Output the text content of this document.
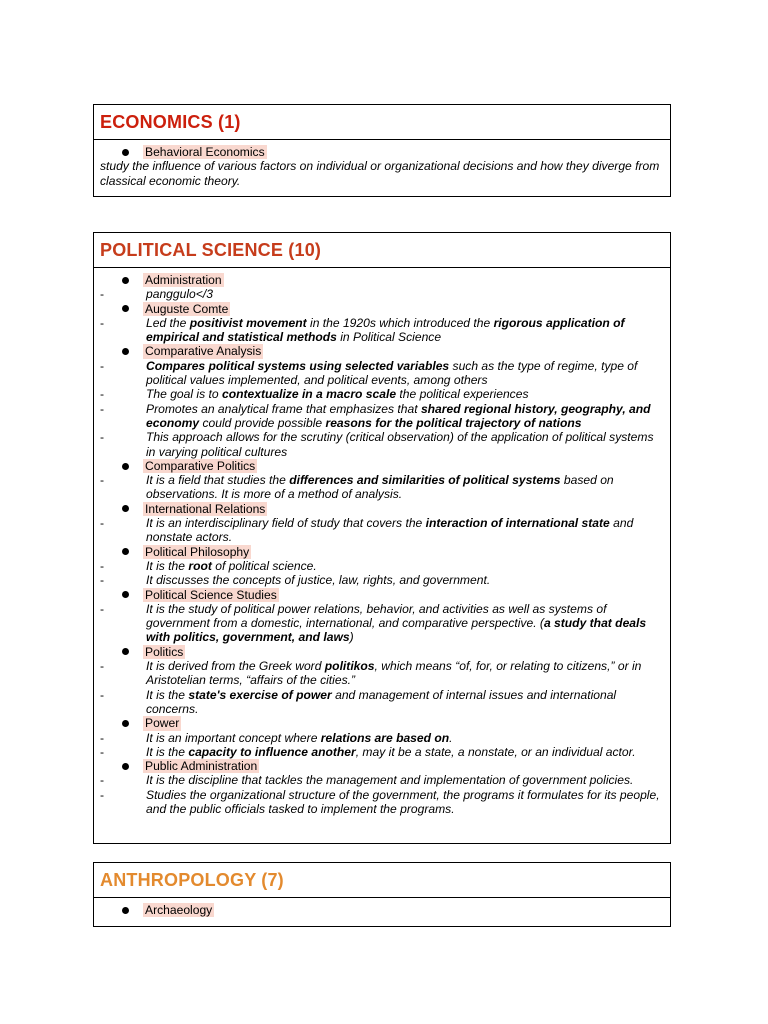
ECONOMICS (1)
Behavioral Economics
study the influence of various factors on individual or organizational decisions and how they diverge from classical economic theory.
POLITICAL SCIENCE (10)
Administration
-	panggulo</3
Auguste Comte
-	Led the positivist movement in the 1920s which introduced the rigorous application of empirical and statistical methods in Political Science
Comparative Analysis
-	Compares political systems using selected variables such as the type of regime, type of political values implemented, and political events, among others
-	The goal is to contextualize in a macro scale the political experiences
-	Promotes an analytical frame that emphasizes that shared regional history, geography, and economy could provide possible reasons for the political trajectory of nations
-	This approach allows for the scrutiny (critical observation) of the application of political systems in varying political cultures
Comparative Politics
-	It is a field that studies the differences and similarities of political systems based on observations. It is more of a method of analysis.
International Relations
-	It is an interdisciplinary field of study that covers the interaction of international state and nonstate actors.
Political Philosophy
-	It is the root of political science.
-	It discusses the concepts of justice, law, rights, and government.
Political Science Studies
-	It is the study of political power relations, behavior, and activities as well as systems of government from a domestic, international, and comparative perspective. (a study that deals with politics, government, and laws)
Politics
-	It is derived from the Greek word politikos, which means “of, for, or relating to citizens,” or in Aristotelian terms, “affairs of the cities.”
-	It is the state's exercise of power and management of internal issues and international concerns.
Power
-	It is an important concept where relations are based on.
-	It is the capacity to influence another, may it be a state, a nonstate, or an individual actor.
Public Administration
-	It is the discipline that tackles the management and implementation of government policies.
-	Studies the organizational structure of the government, the programs it formulates for its people, and the public officials tasked to implement the programs.
ANTHROPOLOGY (7)
Archaeology
